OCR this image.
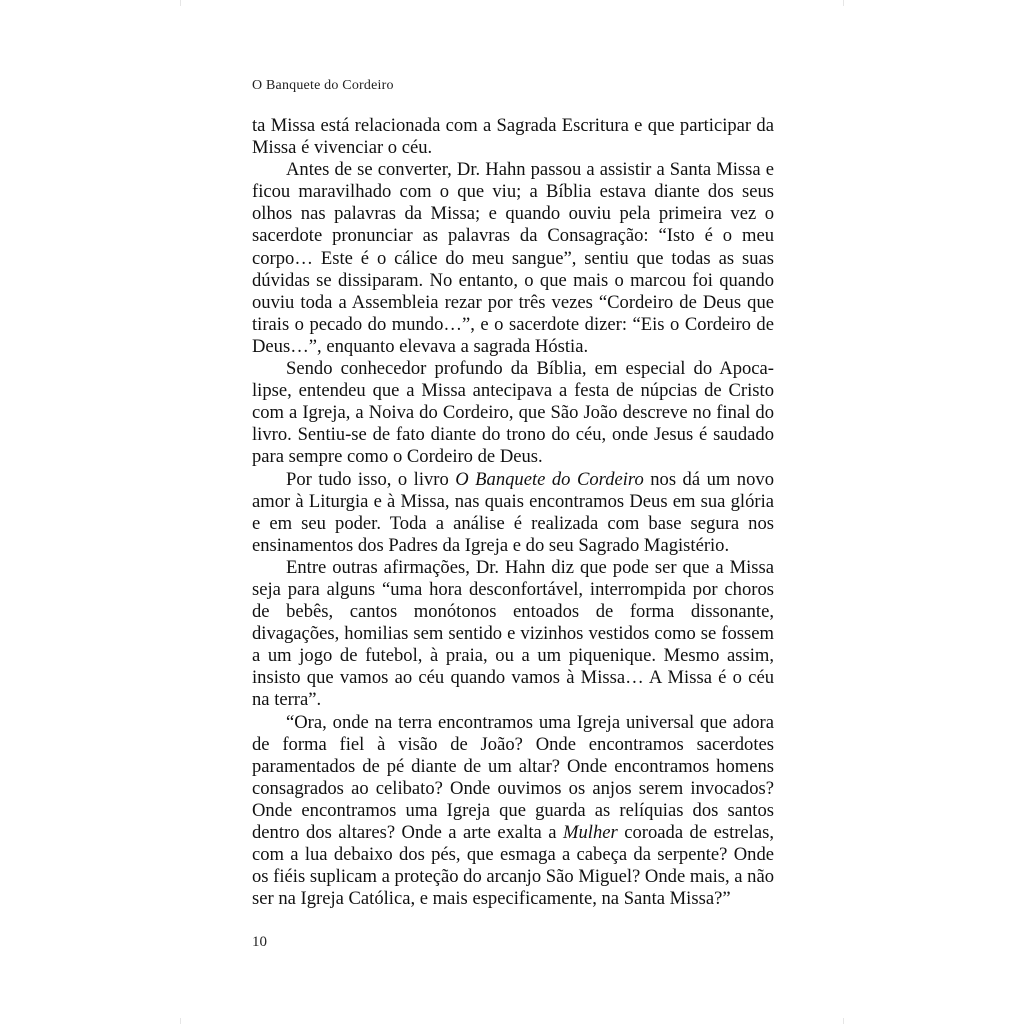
O Banquete do Cordeiro

ta Missa está relacionada com a Sagrada Escritura e que participar da Missa é vivenciar o céu.

Antes de se converter, Dr. Hahn passou a assistir a Santa Missa e ficou maravilhado com o que viu; a Bíblia estava diante dos seus olhos nas palavras da Missa; e quando ouviu pela primeira vez o sacerdote pronunciar as palavras da Consagração: “Isto é o meu corpo… Este é o cálice do meu sangue”, sentiu que todas as suas dúvidas se dissiparam. No entanto, o que mais o marcou foi quando ouviu toda a Assembleia rezar por três vezes “Cordeiro de Deus que tirais o pecado do mundo…”, e o sacerdote dizer: “Eis o Cordeiro de Deus…”, enquanto elevava a sagrada Hóstia.

Sendo conhecedor profundo da Bíblia, em especial do Apocalipse, entendeu que a Missa antecipava a festa de núpcias de Cristo com a Igreja, a Noiva do Cordeiro, que São João descreve no final do livro. Sentiu-se de fato diante do trono do céu, onde Jesus é saudado para sempre como o Cordeiro de Deus.

Por tudo isso, o livro O Banquete do Cordeiro nos dá um novo amor à Liturgia e à Missa, nas quais encontramos Deus em sua glória e em seu poder. Toda a análise é realizada com base segura nos ensinamentos dos Padres da Igreja e do seu Sagrado Magistério.

Entre outras afirmações, Dr. Hahn diz que pode ser que a Missa seja para alguns “uma hora desconfortável, interrompida por choros de bebês, cantos monótonos entoados de forma dissonante, divagações, homilias sem sentido e vizinhos vestidos como se fossem a um jogo de futebol, à praia, ou a um piquenique. Mesmo assim, insisto que vamos ao céu quando vamos à Missa… A Missa é o céu na terra”.

“Ora, onde na terra encontramos uma Igreja universal que adora de forma fiel à visão de João? Onde encontramos sacerdotes paramentados de pé diante de um altar? Onde encontramos homens consagrados ao celibato? Onde ouvimos os anjos serem invocados? Onde encontramos uma Igreja que guarda as relíquias dos santos dentro dos altares? Onde a arte exalta a Mulher coroada de estrelas, com a lua debaixo dos pés, que esmaga a cabeça da serpente? Onde os fiéis suplicam a proteção do arcanjo São Miguel? Onde mais, a não ser na Igreja Católica, e mais especificamente, na Santa Missa?”

10
